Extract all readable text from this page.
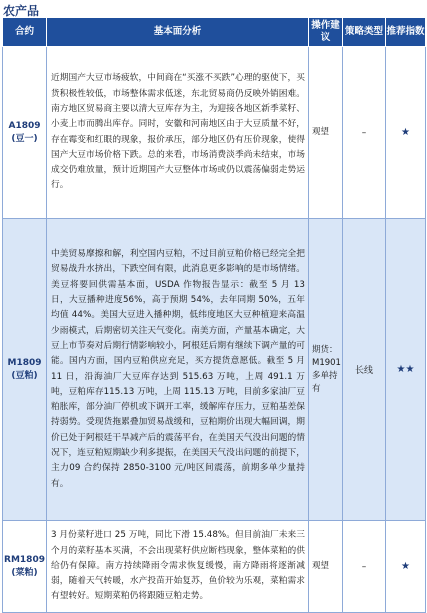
农产品
合约	基本面分析	操作建议	策略类型	推荐指数

A1809
(豆一)	近期国产大豆市场疲软，中间商在“买涨不买跌”心理的驱使下，买货积极性较低，市场整体需求低迷，东北贸易商仍反映外销困难。南方地区贸易商主要以清大豆库存为主，为迎接各地区新季菜籽、小麦上市而腾出库存。同时，安徽和河南地区由于大豆质量不好，存在霉变和红眼的现象，报价承压，部分地区仍有压价现象，使得国产大豆市场价格下跌。总的来看，市场消费淡季尚未结束，市场成交仍难放量，预计近期国产大豆整体市场或仍以震荡偏弱走势运行。	观望	–	★

M1809
(豆粕)	中美贸易摩擦和解，利空国内豆粕，不过目前豆粕价格已经完全把贸易战升水挤出，下跌空间有限，此消息更多影响的是市场情绪。美豆将要回供需基本面，USDA 作物报告显示：截至 5 月 13 日，大豆播种进度56%，高于预期 54%，去年同期 50%，五年均值 44%。美国大豆进入播种期，低纬度地区大豆种植迎来高温少雨模式，后期密切关注天气变化。南美方面，产量基本确定，大豆上市节奏对后期行情影响较小，阿根廷后期有继续下调产量的可能。国内方面，国内豆粕供应充足，买方提货意愿低。截至 5 月 11 日，沿海油厂大豆库存达到 515.63 万吨，上周 491.1 万吨，豆粕库存115.13 万吨，上周 115.13 万吨，目前多家油厂豆粕胀库，部分油厂停机或下调开工率，缓解库存压力，豆粕基差保持弱势。受现货拖累叠加贸易战缓和，豆粕期价出现大幅回调，期价已处于阿根廷干旱减产后的震荡平台，在美国天气没出问题的情况下，连豆粕短期缺少利多提振，在美国天气没出问题的前提下，主力09 合约保持 2850-3100 元/吨区间震荡，前期多单少量持有。	期货：M1901 多单持有	长线	★★

RM1809
(菜粕)	3 月份菜籽进口 25 万吨，同比下滑 15.48%。但目前油厂未来三个月的菜籽基本买满，不会出现菜籽供应断档现象，整体菜粕的供给仍有保障。南方持续降雨令需求恢复缓慢，南方降雨将逐渐减弱，随着天气转暖，水产投苗开始复苏，鱼价较为乐观，菜粕需求有望转好。短期菜粕仍将跟随豆粕走势。	观望	–	★
